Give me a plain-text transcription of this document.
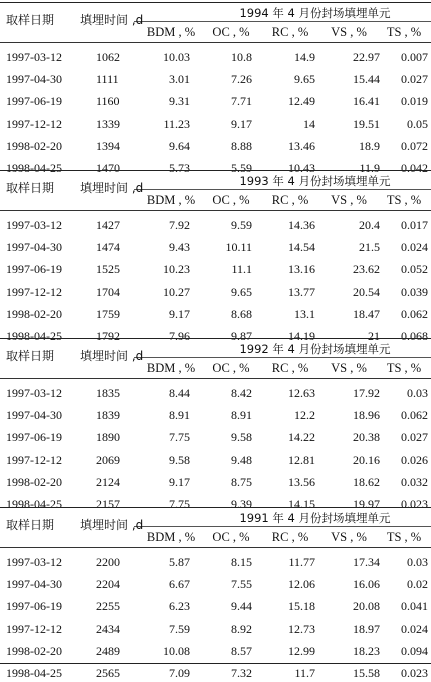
1994 年 4 月份封场填埋单元
取样日期 填埋时间 ,d
BDM , %	OC , %	RC , %	VS , %	TS , %
1997-03-12	1062	10.03	10.8	14.9	22.97	0.007
1997-04-30	1111	3.01	7.26	9.65	15.44	0.027
1997-06-19	1160	9.31	7.71	12.49	16.41	0.019
1997-12-12	1339	11.23	9.17	14	19.51	0.05
1998-02-20	1394	9.64	8.88	13.46	18.9	0.072
1998-04-25	1470	5.73	5.59	10.43	11.9	0.042
1993 年 4 月份封场填埋单元
取样日期 填埋时间 ,d
BDM , %	OC , %	RC , %	VS , %	TS , %
1997-03-12	1427	7.92	9.59	14.36	20.4	0.017
1997-04-30	1474	9.43	10.11	14.54	21.5	0.024
1997-06-19	1525	10.23	11.1	13.16	23.62	0.052
1997-12-12	1704	10.27	9.65	13.77	20.54	0.039
1998-02-20	1759	9.17	8.68	13.1	18.47	0.062
1998-04-25	1792	7.96	9.87	14.19	21	0.068
1992 年 4 月份封场填埋单元
取样日期 填埋时间 ,d
BDM , %	OC , %	RC , %	VS , %	TS , %
1997-03-12	1835	8.44	8.42	12.63	17.92	0.03
1997-04-30	1839	8.91	8.91	12.2	18.96	0.062
1997-06-19	1890	7.75	9.58	14.22	20.38	0.027
1997-12-12	2069	9.58	9.48	12.81	20.16	0.026
1998-02-20	2124	9.17	8.75	13.56	18.62	0.032
1998-04-25	2157	7.75	9.39	14.15	19.97	0.023
1991 年 4 月份封场填埋单元
取样日期 填埋时间 ,d
BDM , %	OC , %	RC , %	VS , %	TS , %
1997-03-12	2200	5.87	8.15	11.77	17.34	0.03
1997-04-30	2204	6.67	7.55	12.06	16.06	0.02
1997-06-19	2255	6.23	9.44	15.18	20.08	0.041
1997-12-12	2434	7.59	8.92	12.73	18.97	0.024
1998-02-20	2489	10.08	8.57	12.99	18.23	0.094
1998-04-25	2565	7.09	7.32	11.7	15.58	0.023
